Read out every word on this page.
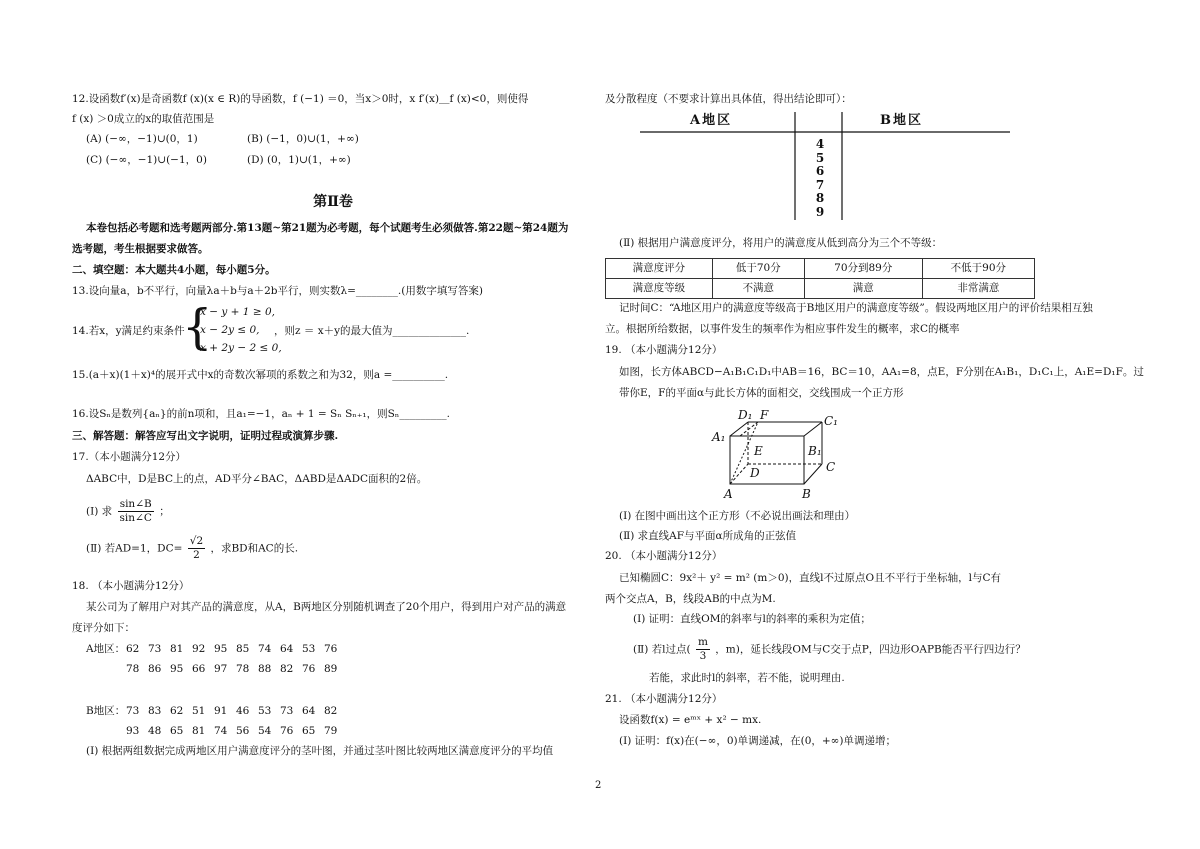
12.设函数f′(x)是奇函数f (x)(x ∈ R)的导函数，f (−1) ＝0，当x＞0时，x f′(x)＿f (x)<0，则使得
f (x) ＞0成立的x的取值范围是
(A) (−∞，−1)∪(0，1)	(B) (−1，0)∪(1，+∞)
(C) (−∞，−1)∪(−1，0)	(D) (0，1)∪(1，+∞)
第Ⅱ卷
本卷包括必考题和选考题两部分.第13题~第21题为必考题，每个试题考生必须做答.第22题~第24题为
选考题，考生根据要求做答。
二、填空题：本大题共4小题，每小题5分。
13.设向量a，b不平行，向量λa＋b与a＋2b平行，则实数λ=________.(用数字填写答案)
14.若x，y满足约束条件
{
x − y + 1 ≥ 0,
x − 2y ≤ 0,
x + 2y − 2 ≤ 0,
，则z ＝ x＋y的最大值为______________.
15.(a＋x)(1＋x)⁴的展开式中x的奇数次幂项的系数之和为32，则a =__________.
16.设Sₙ是数列{aₙ}的前n项和，且a₁=−1，aₙ + 1 = Sₙ Sₙ₊₁，则Sₙ_________.
三、解答题：解答应写出文字说明，证明过程或演算步骤.
17.（本小题满分12分）
ΔABC中，D是BC上的点，AD平分∠BAC，ΔABD是ΔADC面积的2倍。
(Ⅰ) 求 $\frac{\sin\angle B}{\sin\angle C}$ ；
(Ⅱ) 若AD=1，$DC= \frac{√2}{2}$ ，求BD和AC的长.
18. （本小题满分12分）
某公司为了解用户对其产品的满意度，从A，B两地区分别随机调查了20个用户，得到用户对产品的满意
度评分如下：
A地区：62 73 81 92 95 85 74 64 53 76
78 86 95 66 97 78 88 82 76 89
B地区：73 83 62 51 91 46 53 73 64 82
93 48 65 81 74 56 54 76 65 79
(Ⅰ) 根据两组数据完成两地区用户满意度评分的茎叶图，并通过茎叶图比较两地区满意度评分的平均值
及分散程度（不要求计算出具体值，得出结论即可）：
A地区	B地区
4
5
6
7
8
9
(Ⅱ) 根据用户满意度评分，将用户的满意度从低到高分为三个不等级：
满意度评分	低于70分	70分到89分	不低于90分
满意度等级	不满意	满意	非常满意
记时间C：“A地区用户的满意度等级高于B地区用户的满意度等级”。假设两地区用户的评价结果相互独
立。根据所给数据，以事件发生的频率作为相应事件发生的概率，求C的概率
19. （本小题满分12分）
如图，长方体ABCD−A₁B₁C₁D₁中AB＝16，BC＝10，AA₁=8，点E，F分别在A₁B₁，D₁C₁上，A₁E=D₁F。过
带你E，F的平面α与此长方体的面相交，交线围成一个正方形
D₁ F	C₁
A₁
E	B₁
D	C
A	B
(Ⅰ) 在图中画出这个正方形（不必说出画法和理由）
(Ⅱ) 求直线AF与平面α所成角的正弦值
20. （本小题满分12分）
已知椭圆C：9x²＋ y² = m² (m＞0)，直线l不过原点O且不平行于坐标轴，l与C有
两个交点A，B，线段AB的中点为M.
(Ⅰ) 证明：直线OM的斜率与l的斜率的乘积为定值；
(Ⅱ) 若l过点( $\frac{m}{3}$ ，m)，延长线段OM与C交于点P，四边形OAPB能否平行四边行？
若能，求此时l的斜率，若不能，说明理由.
21. （本小题满分12分）
设函数f(x) = eᵐˣ + x² − mx.
(Ⅰ) 证明：f(x)在(−∞，0)单调递减，在(0，+∞)单调递增；
2
